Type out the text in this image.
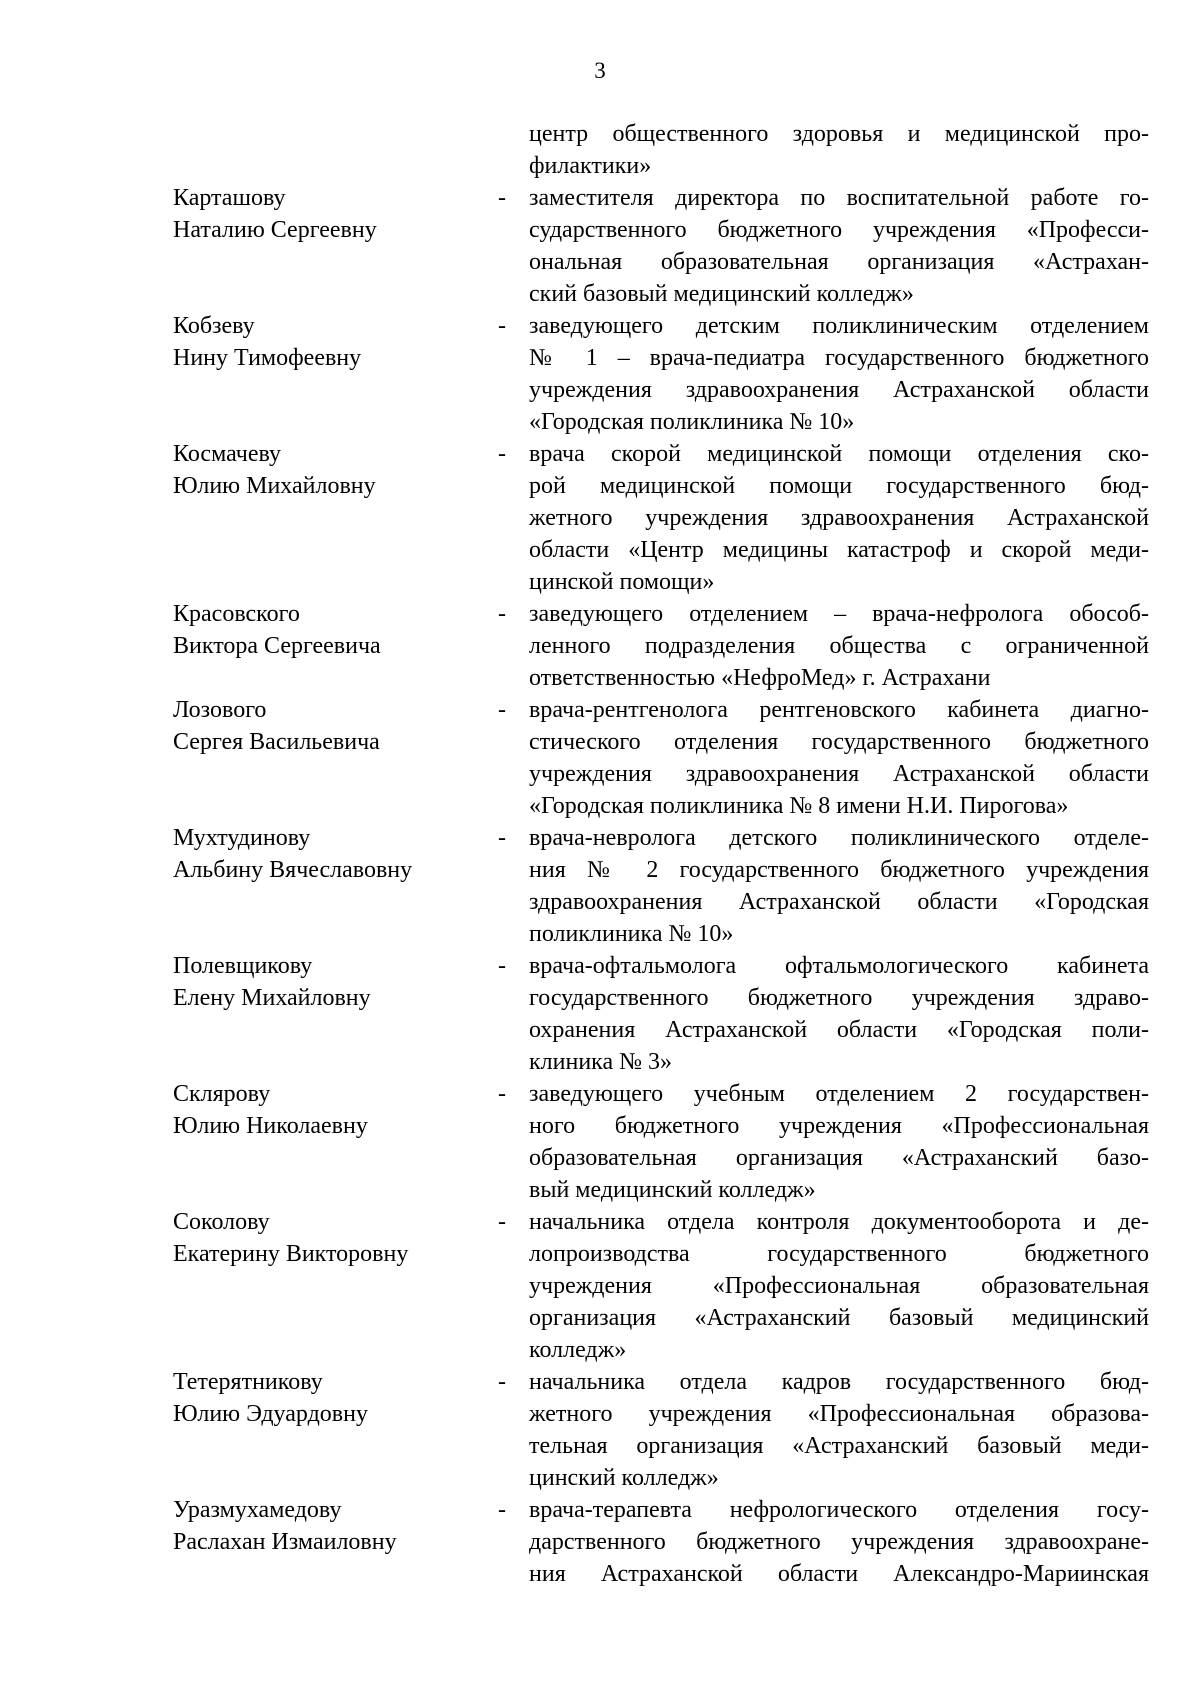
3
центр общественного здоровья и медицинской про-
филактики»
Карташову
Наталию Сергеевну
- заместителя директора по воспитательной работе го-
сударственного бюджетного учреждения «Професси-
ональная образовательная организация «Астрахан-
ский базовый медицинский колледж»
Кобзеву
Нину Тимофеевну
- заведующего детским поликлиническим отделением
№ 1 – врача-педиатра государственного бюджетного
учреждения здравоохранения Астраханской области
«Городская поликлиника № 10»
Космачеву
Юлию Михайловну
- врача скорой медицинской помощи отделения ско-
рой медицинской помощи государственного бюд-
жетного учреждения здравоохранения Астраханской
области «Центр медицины катастроф и скорой меди-
цинской помощи»
Красовского
Виктора Сергеевича
- заведующего отделением – врача-нефролога обособ-
ленного подразделения общества с ограниченной
ответственностью «НефроМед» г. Астрахани
Лозового
Сергея Васильевича
- врача-рентгенолога рентгеновского кабинета диагно-
стического отделения государственного бюджетного
учреждения здравоохранения Астраханской области
«Городская поликлиника № 8 имени Н.И. Пирогова»
Мухтудинову
Альбину Вячеславовну
- врача-невролога детского поликлинического отделе-
ния № 2 государственного бюджетного учреждения
здравоохранения Астраханской области «Городская
поликлиника № 10»
Полевщикову
Елену Михайловну
- врача-офтальмолога офтальмологического кабинета
государственного бюджетного учреждения здраво-
охранения Астраханской области «Городская поли-
клиника № 3»
Склярову
Юлию Николаевну
- заведующего учебным отделением 2 государствен-
ного бюджетного учреждения «Профессиональная
образовательная организация «Астраханский базо-
вый медицинский колледж»
Соколову
Екатерину Викторовну
- начальника отдела контроля документооборота и де-
лопроизводства государственного бюджетного
учреждения «Профессиональная образовательная
организация «Астраханский базовый медицинский
колледж»
Тетерятникову
Юлию Эдуардовну
- начальника отдела кадров государственного бюд-
жетного учреждения «Профессиональная образова-
тельная организация «Астраханский базовый меди-
цинский колледж»
Уразмухамедову
Раслахан Измаиловну
- врача-терапевта нефрологического отделения госу-
дарственного бюджетного учреждения здравоохране-
ния Астраханской области Александро-Мариинская
